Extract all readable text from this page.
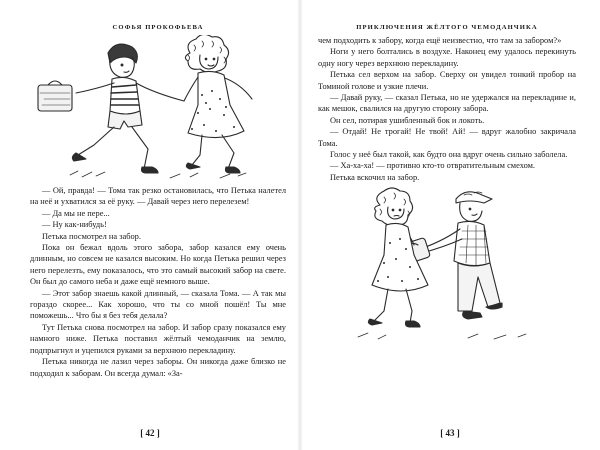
СОФЬЯ ПРОКОФЬЕВА

— Ой, правда! — Тома так резко остановилась, что Петька налетел на неё и ухватился за её руку. — Давай через него перелезем!

— Да мы не пере...

— Ну как-нибудь!

Петька посмотрел на забор.

Пока он бежал вдоль этого забора, забор казался ему очень длинным, но совсем не казался высоким. Но когда Петька решил через него перелезть, ему показалось, что это самый высокий забор на свете. Он был до самого неба и даже ещё немного выше.

— Этот забор знаешь какой длинный, — сказала Тома. — А так мы гораздо скорее... Как хорошо, что ты со мной пошёл! Ты мне поможешь... Что бы я без тебя делала?

Тут Петька снова посмотрел на забор. И забор сразу показался ему намного ниже. Петька поставил жёлтый чемоданчик на землю, подпрыгнул и уцепился руками за верхнюю перекладину.

Петька никогда не лазил через заборы. Он никогда даже близко не подходил к заборам. Он всегда думал: «За-

[ 42 ]
ПРИКЛЮЧЕНИЯ ЖЁЛТОГО ЧЕМОДАНЧИКА

чем подходить к забору, когда ещё неизвестно, что там за забором?»

Ноги у него болтались в воздухе. Наконец ему удалось перекинуть одну ногу через верхнюю перекладину.

Петька сел верхом на забор. Сверху он увидел тонкий пробор на Томиной голове и узкие плечи.

— Давай руку, — сказал Петька, но не удержался на перекладине и, как мешок, свалился на другую сторону забора.

Он сел, потирая ушибленный бок и локоть.

— Отдай! Не трогай! Не твой! Ай! — вдруг жалобно закричала Тома.

Голос у неё был такой, как будто она вдруг очень сильно заболела.

— Ха-ха-ха! — противно кто-то отвратительным смехом.

Петька вскочил на забор.

[ 43 ]
